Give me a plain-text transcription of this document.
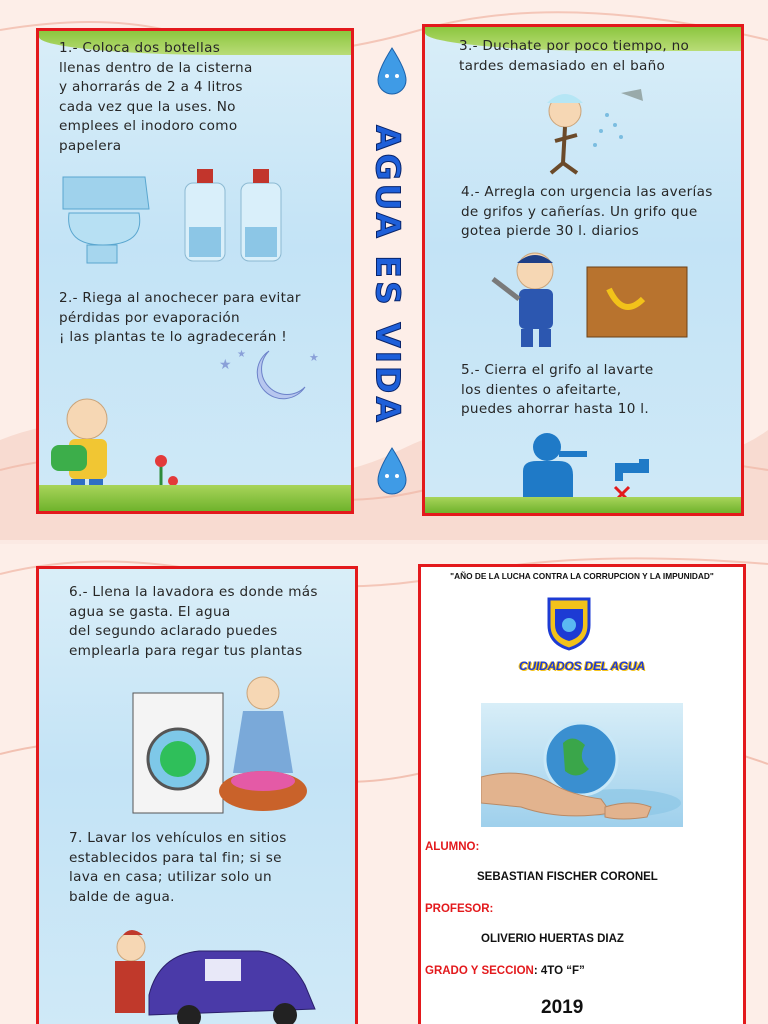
1.- Coloca dos botellas
llenas dentro de la cisterna
y ahorrarás de 2 a 4 litros
cada vez que la uses. No
emplees el inodoro como
papelera
2.- Riega al anochecer para evitar
pérdidas por evaporación
¡ las plantas te lo agradecerán !
★
★	★ AGUA ES VIDA
3.- Duchate por poco tiempo, no
tardes demasiado en el baño
4.- Arregla con urgencia las averías
de grifos y cañerías. Un grifo que
gotea pierde 30 l. diarios
5.- Cierra el grifo al lavarte
los dientes o afeitarte,
puedes ahorrar hasta 10 l.
6.- Llena la lavadora es donde más
agua se gasta. El agua
del segundo aclarado puedes
emplearla para regar tus plantas
7. Lavar los vehículos en sitios
establecidos para tal fin; si se
lava en casa; utilizar solo un
balde de agua.
"AÑO DE LA LUCHA CONTRA LA CORRUPCION Y LA IMPUNIDAD"
CUIDADOS DEL AGUA
ALUMNO:
SEBASTIAN FISCHER CORONEL
PROFESOR:
OLIVERIO HUERTAS DIAZ
GRADO Y SECCION: 4TO “F”
2019
